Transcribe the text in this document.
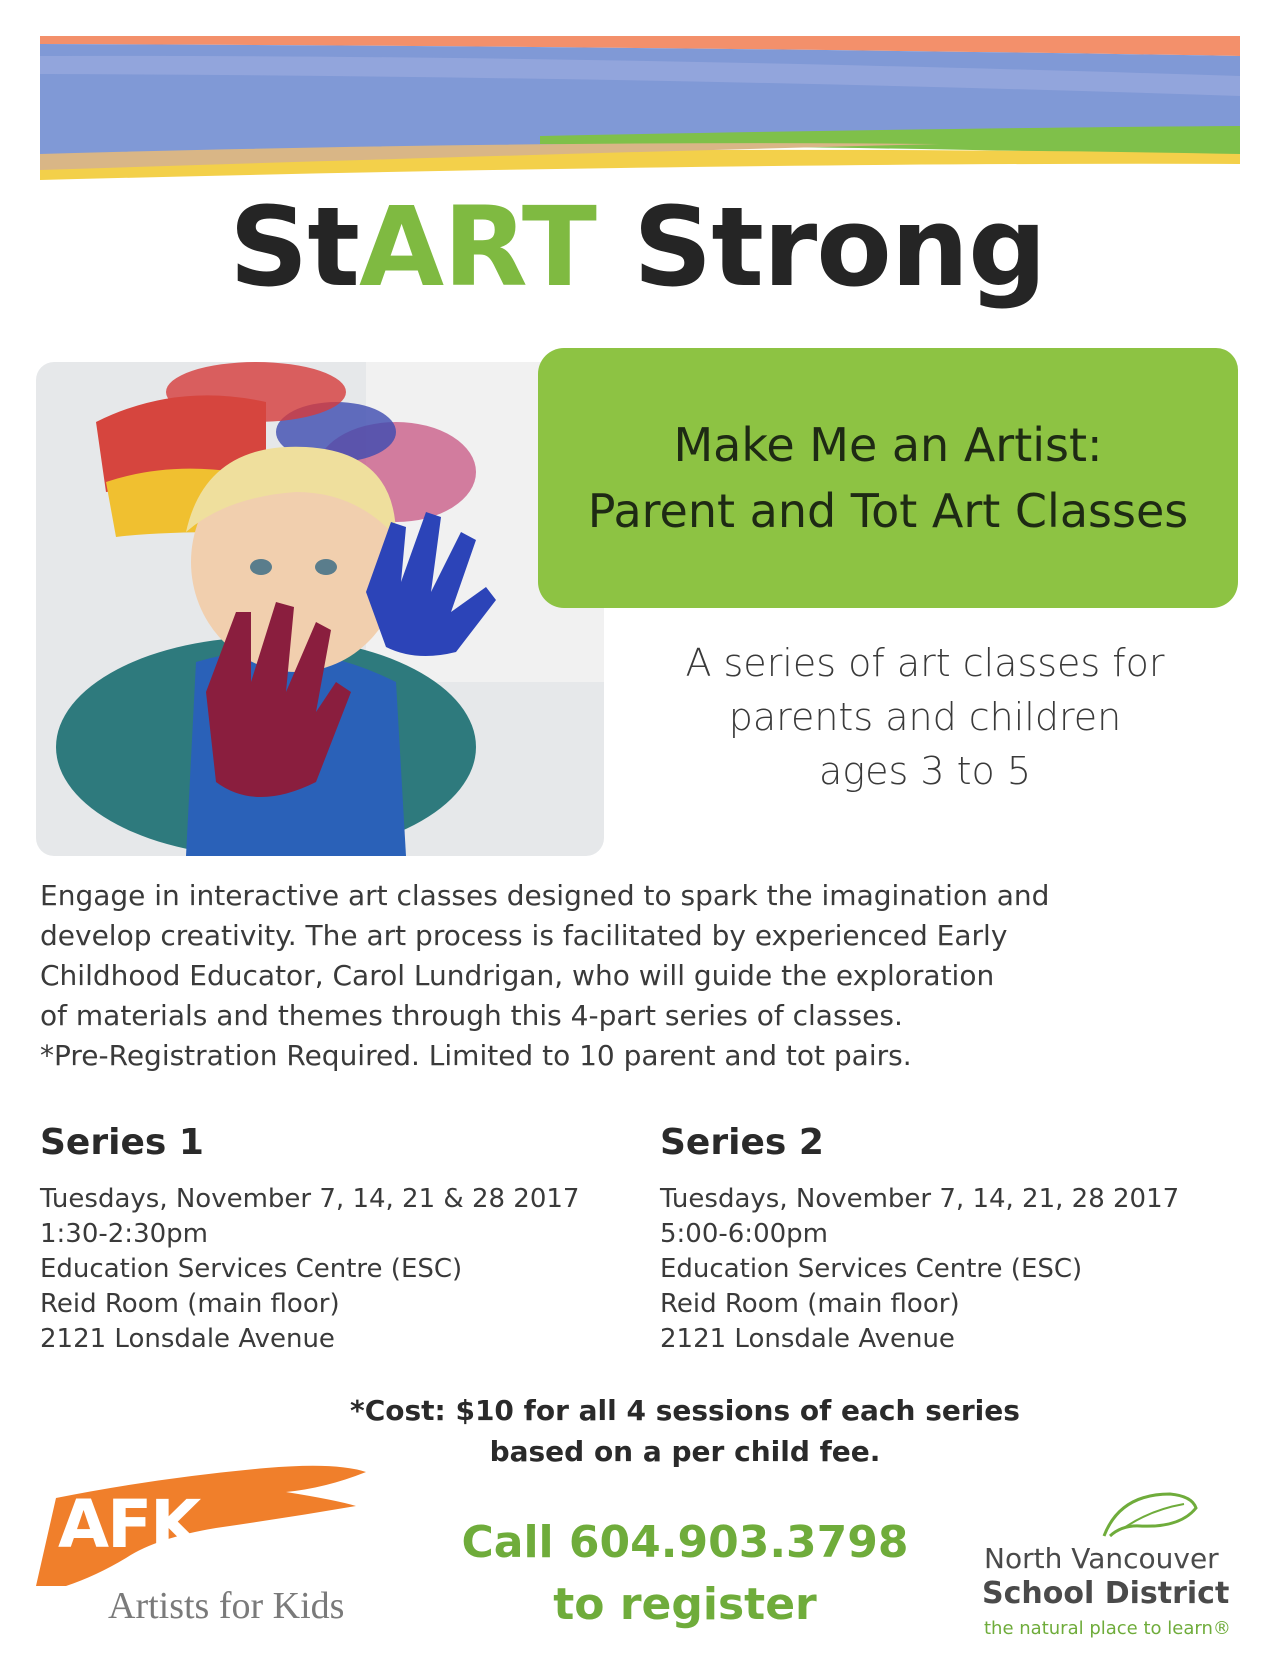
StART Strong
Make Me an Artist:
Parent and Tot Art Classes
A series of art classes for
parents and children
ages 3 to 5
Engage in interactive art classes designed to spark the imagination and
develop creativity. The art process is facilitated by experienced Early
Childhood Educator, Carol Lundrigan, who will guide the exploration
of materials and themes through this 4-part series of classes.
*Pre-Registration Required. Limited to 10 parent and tot pairs.
Series 1
Tuesdays, November 7, 14, 21 & 28 2017
1:30-2:30pm
Education Services Centre (ESC)
Reid Room (main floor)
2121 Lonsdale Avenue
Series 2
Tuesdays, November 7, 14, 21, 28 2017
5:00-6:00pm
Education Services Centre (ESC)
Reid Room (main floor)
2121 Lonsdale Avenue
*Cost: $10 for all 4 sessions of each series
based on a per child fee.
Call 604.903.3798
to register
AFK
Artists for Kids
North Vancouver
School District
the natural place to learn®
